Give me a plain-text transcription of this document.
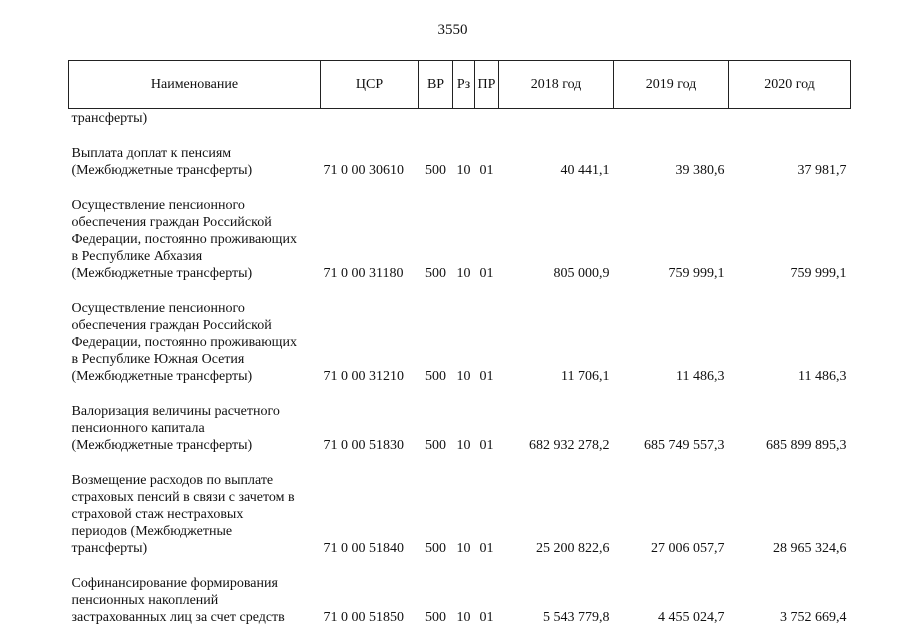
3550
Наименование	ЦСР	ВР	Рз	ПР	2018 год	2019 год	2020 год
трансферты)							

Выплата доплат к пенсиям
(Межбюджетные трансферты)	71 0 00 30610	500	10	01	40 441,1	39 380,6	37 981,7

Осуществление пенсионного
обеспечения граждан Российской
Федерации, постоянно проживающих
в Республике Абхазия
(Межбюджетные трансферты)	71 0 00 31180	500	10	01	805 000,9	759 999,1	759 999,1

Осуществление пенсионного
обеспечения граждан Российской
Федерации, постоянно проживающих
в Республике Южная Осетия
(Межбюджетные трансферты)	71 0 00 31210	500	10	01	11 706,1	11 486,3	11 486,3

Валоризация величины расчетного
пенсионного капитала
(Межбюджетные трансферты)	71 0 00 51830	500	10	01	682 932 278,2	685 749 557,3	685 899 895,3

Возмещение расходов по выплате
страховых пенсий в связи с зачетом в
страховой стаж нестраховых
периодов (Межбюджетные
трансферты)	71 0 00 51840	500	10	01	25 200 822,6	27 006 057,7	28 965 324,6

Софинансирование формирования
пенсионных накоплений
застрахованных лиц за счет средств	71 0 00 51850	500	10	01	5 543 779,8	4 455 024,7	3 752 669,4
